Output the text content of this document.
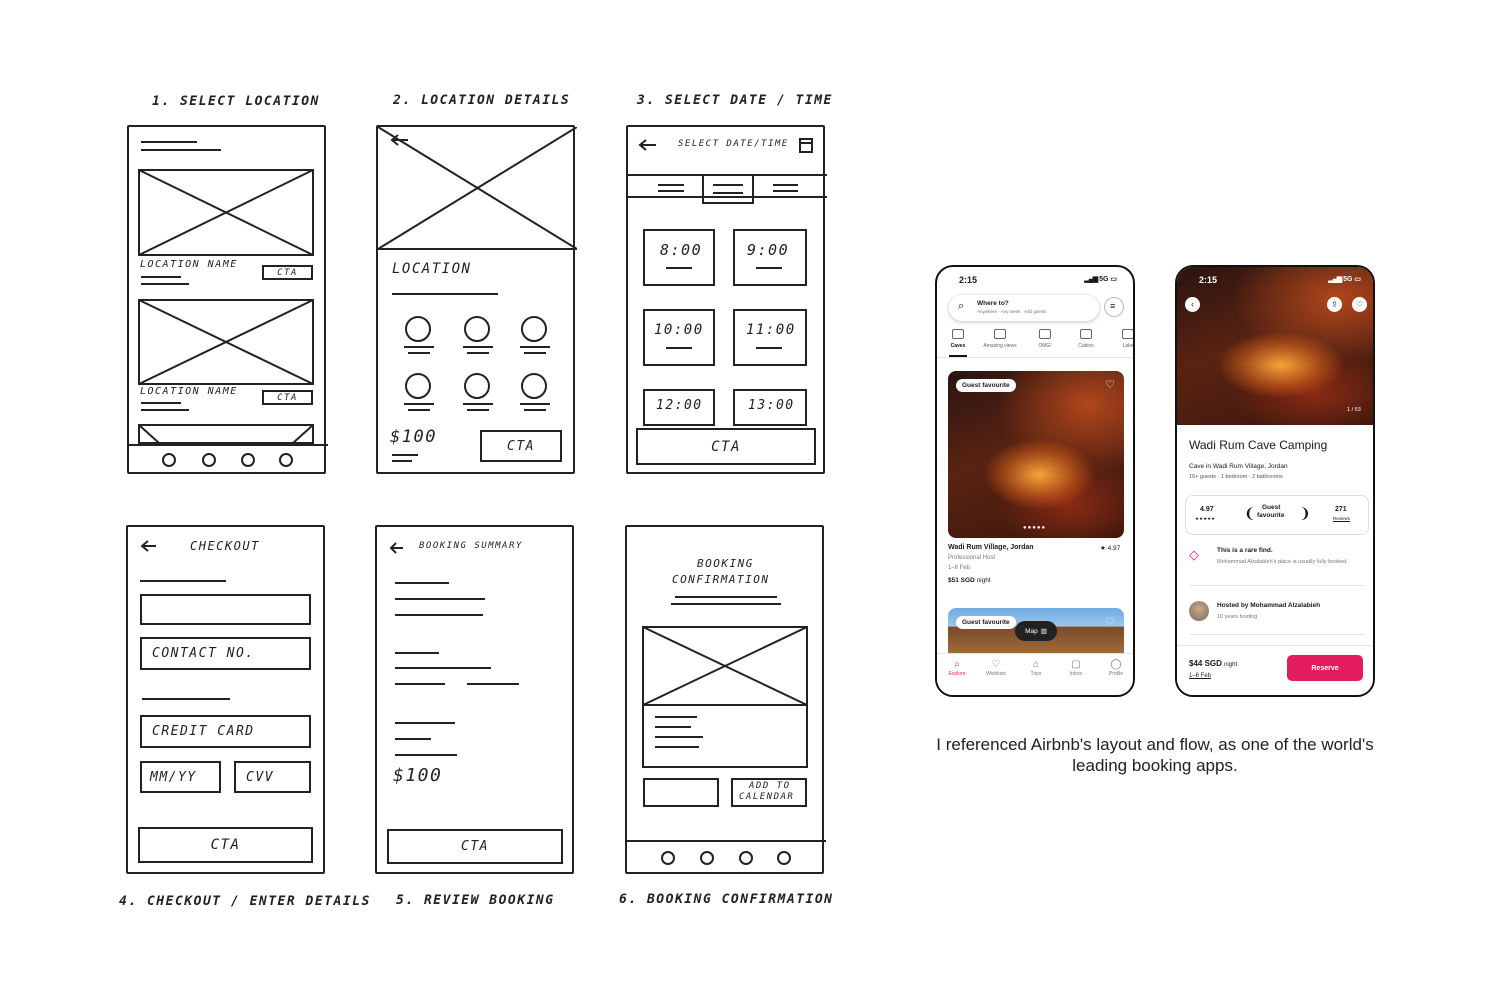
1. SELECT LOCATION
LOCATION NAME
CTA
LOCATION NAME
CTA
2. LOCATION DETAILS
LOCATION
$100	CTA
3. SELECT DATE / TIME
SELECT DATE/TIME
8:00	9:00
10:00	11:00
12:00	13:00
CTA
CHECKOUT
CONTACT NO.
CREDIT CARD
MM/YY	CVV
CTA
4. CHECKOUT / ENTER DETAILS
BOOKING SUMMARY
$100
CTA
5. REVIEW BOOKING
BOOKING
CONFIRMATION
ADD TO
CALENDAR
6. BOOKING CONFIRMATION
2:15	▂▄▆ 5G ▭
⌕ Where to?
Anywhere · Any week · Add guests
≡
Caves	Amazing views	OMG!	Cabins	Lake
Guest favourite	♡
●●●●●
Wadi Rum Village, Jordan	★ 4.97
Professional Host
1–6 Feb
$51 SGD night
Guest favourite	♡
Map ▥
⌕
Explore
♡
Wishlists
⌂
Trips
▢
Inbox
◯
Profile
2:15	▂▄▆ 5G ▭
‹	⇪	♡
1 / 53
Wadi Rum Cave Camping
Cave in Wadi Rum Village, Jordan
16+ guests · 1 bedroom · 2 bathrooms
4.97
★★★★★ ❨ Guest
favourite ❩	271
Reviews
◇	This is a rare find.
Mohammad Alzalabieh's place is usually fully booked.
Hosted by Mohammad Alzalabieh
10 years hosting
$44 SGD night
1–6 Feb
Reserve
I referenced Airbnb's layout and flow, as one of the world's leading booking apps.
